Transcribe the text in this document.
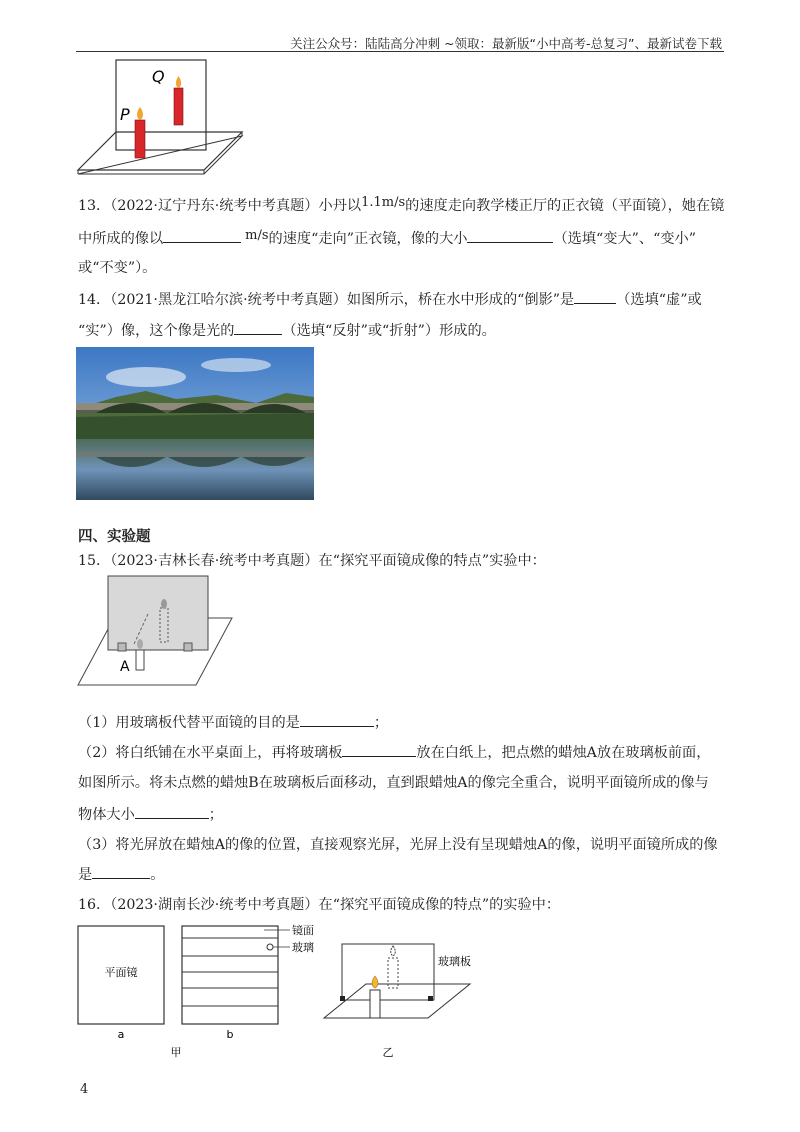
关注公众号：陆陆高分冲刺 ~领取：最新版“小中高考-总复习”、最新试卷下载
Q
P
13．（2022·辽宁丹东·统考中考真题）小丹以1.1m/s的速度走向教学楼正厅的正衣镜（平面镜），她在镜
中所成的像以	m/s的速度“走向”正衣镜，像的大小	（选填“变大”、“变小”
或“不变”）。
14．（2021·黑龙江哈尔滨·统考中考真题）如图所示，桥在水中形成的“倒影”是	（选填“虚”或
“实”）像，这个像是光的	（选填“反射”或“折射”）形成的。
四、实验题
15．（2023·吉林长春·统考中考真题）在“探究平面镜成像的特点”实验中：
A
（1）用玻璃板代替平面镜的目的是	；
（2）将白纸铺在水平桌面上，再将玻璃板	放在白纸上，把点燃的蜡烛A放在玻璃板前面，
如图所示。将未点燃的蜡烛B在玻璃板后面移动，直到跟蜡烛A的像完全重合，说明平面镜所成的像与
物体大小	；
（3）将光屏放在蜡烛A的像的位置，直接观察光屏，光屏上没有呈现蜡烛A的像，说明平面镜所成的像
是	。
16．（2023·湖南长沙·统考中考真题）在“探究平面镜成像的特点”的实验中：
平面镜
a
镜面
玻璃
b
甲
玻璃板
乙
4
